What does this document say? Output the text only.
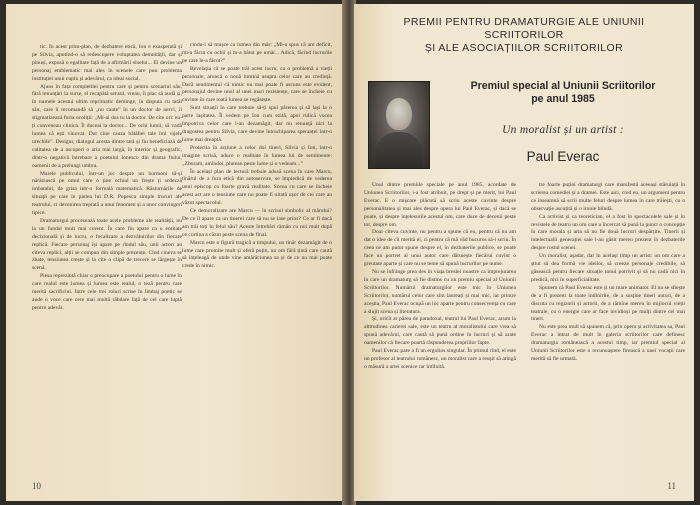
tic. În acest prim-plan, de dezbatere etică, Ion e exasperată și pe Silvia, aputînd-o să redescopere voluptatea demnității, dar și pînuși, expusă o egalitate față de a afirmării sinelui... El devine un personaj emblematic mai ales în scenele care pun problema instituției unui cuplu și adevărul, ca ideal social.

Ajuns în fața completitei pentru care și pentru scenariul său, fără renunțări la surse, el recapătă sensul, vreau, îi plac să audă și, în numele acestui ultim reprimatic deminge, în disputa cu tatăl său, care îi recomandă să „nu caute” în un doctor de nervi, îi stigmatizează furia ocoliții: „Mi-ai dus tu la doctor. De cîte ori: eu-ți conveneau clinica. Îl duceai la doctor... De ochi lumii, să vadă lumea că ești vinovat. Dar cine cauza bătăliei tale îmi vijele urechile”. Desigur, dialogul acesta dintre tată și fiu beneficiază de calitatea de a ascoperi o aria mai largă, în interior și geografic, dintr-o negativă întrebare a poetului Ionesco din drama fiului, oamenii de a prelungi umbra.

Marele publicului, într-un joc despre un hormoni să-și nărăziască pe omul care o ține ochiul un frește ți scdezză imbatabil, de grisa intr-o formală matematică. Răsturnările de situații pe care în pielea lui D.R. Popescu simple trucuri ale teatrului, ci devenirea treptată a unui fenomen și a unor convingeri tipice.

Dramaturgul procesează toate acele probleme ale realității, nu la un fundal mult mai curent. În care fiu apare ca o entitate decizională și de lucru, o focalizare a dezvăluirilor din fiecare replică. Fiecare personaj își apare pe rîndul său, unii actori au cîteva replici, alții se compun din simple prezențe. Cînd cineva se zbate, tensiunea crește și la cîte o clipă de trecere se lărgește în scenă.

Piesa reprezintă chiar o preocupare a poetului pentru o lume în care realul este lumea și lumea este realul, o teză pentru care merită sacrificiul. Intre cele trei roluri scrise în limbaj poetic se aude o voce care cere mai multă răbdare față de cel care luptă pentru adevăr.

cindu-i să mușce ca lumea din mâr: „Mi-a spus că am deficit, mi-a făcut cu ochii și m-a bătut pe umăr... Adică, făcînd lucrurile pe care le-a făcut?”

Revelația că se poate trăi acest lucru, ca o problemă a vieții personale, aruncă o nouă lumină asupra celor care au credință. Dacă sentimentul că nimic nu mai poate fi ascuns este evident, personajul devine unul al unei mari rezistențe, care se încheie cu cuvinte în care toată lumea se regăsește.

Sunt situații în care trebuie să-ți spui părerea și să lași la o parte lașitatea. Îl vedem pe Ion cum ezită, apoi ridică vocea împotriva celor care l-au dezamăgit, dar nu renunță nici la dragostea pentru Silvia, care devine întruchiparea speranței într-o lume mai dreaptă.

Proiectia în acțiune a celor doi tineri, Silvia și Ion, într-o imagine scrisă, aduce o realitate în lumea lui de sentimente: „Zburam, amîndoi, plutean peste lume și o vedeam...”

În același plan de lectură trebuie adusă scena în care Marcu, tînărul de a fura etică din autoservire, se împiedică de vederea unui episcop cu foarte gravă realitate. Scena cu care se încheie acest act are o tensiune care nu poate fi uitată ușor de cei care au văzut spectacolul.

Ce demoralizare are Marcu — în scrisul simbolic al mărului? De ce îl apare ca un tinerel care să nu se lase prins? Ce ar fi dacă am trăi toți în felul său? Aceste întrebări rămân cu noi mult după ce cortina a căzut peste scena de final.

Marcu este o figură tragică a timpului, un tînăr dezamăgit de o lume care promite mult și oferă puțin, un om fără țintă care caută să înțeleagă de unde vine amărăciunea sa și de ce nu mai poate crede în nimic.

10
PREMII PENTRU DRAMATURGIE ALE UNIUNII SCRIITORILOR
ȘI ALE ASOCIAȚIILOR SCRIITORILOR
Premiul special al Uniunii Scriitorilor
pe anul 1985
Un moralist și un artist :
Paul Everac

Unul dintre premiile speciale pe anul 1985, acordate de Uniunea Scriitorilor, i-a fost atribuit, pe drept și pe merit, lui Paul Everac. E o mișcare plăcută să scriu aceste cuvinte despre personalitatea și mai ales despre opera lui Paul Everac, și dacă se poate, și despre înțelesurile acestui om, care duce de decenii peste tot, despre om.

Doar cîteva cuvinte, nu pentru a spune că eu, pentru că nu am dat o idee de cît merită el, ci pentru că mă văd bucuros să-i scriu. În ceea ce am putut spune despre el, în dezbaterile publice, se poate face un portret al unui autor care dăruiește fiecărui cuvînt o greutate aparte și care nu se teme să spună lucrurilor pe nume.

Nu se înfrânge prea des în viața breslei noastre ca împrejurarea în care un dramaturg să fie distins cu un premiu special al Uniunii Scriitorilor. Numărul dramaturgilor este mic în Uniunea Scriitorilor, numărul celor care sînt laureați și mai mic, iar printre aceștia, Paul Everac ocupă un loc aparte pentru consecvența cu care a slujit scena și literatura.

Și, oricît ar părea de paradoxal, teatrul lui Paul Everac, acum la altitudinea carierei sale, este un teatru al moralistului care vrea să spună adevărul, care caută să pună ordine în lucruri și să arate oamenilor că fiecare poartă răspunderea propriilor fapte.

Paul Everac pare a fi un ergolios singular. În primul rînd, el este un profesor al teatrului românesc, un moralist care a reușit să atingă o măsură a artei scenice rar întîlnită.

tre foarte puțini dramaturgi care manifestă aceeași stăruință în scrierea comediei și a dramei. Este aici, cred eu, un argument pentru ce înseamnă să scrii multe feluri despre lumea în care trăiești, cu o observație ascuțită și o ironie blîndă.

Ca activist și ca teoretician, el a fost în spectacolele sale și în revistele de teatru un om care a încercat să pună la punct o concepție în care morala și arta să nu fie două lucruri despărțite. Tinerii și intelectualii generației sale l-au găsit mereu prezent în dezbaterile despre rostul scenei.

Un moralist, așadar, dar în același timp un artist: un om care a știut să dea formă vie ideilor, să creeze personaje credibile, să găsească pentru fiecare situație tonul potrivit și să nu cadă nici în predică, nici în superficialitate.

Spunem că Paul Everac este și un mare animator. El nu se sfiește de a fi prezent la toate întîlnirile, de a susține tineri autori, de a discuta cu regizorii și actorii, de a rămîne mereu în mijlocul vieții teatrale, cu o energie care ar face invidioși pe mulți dintre cei mai tineri.

Nu este prea mult să spunem că, prin opera și activitatea sa, Paul Everac a intrat de mult în galeria scriitorilor care definesc dramaturgia românească a acestui timp, iar premiul special al Uniunii Scriitorilor este o recunoaștere firească a unei vocații care merită să fie urmată.

11
